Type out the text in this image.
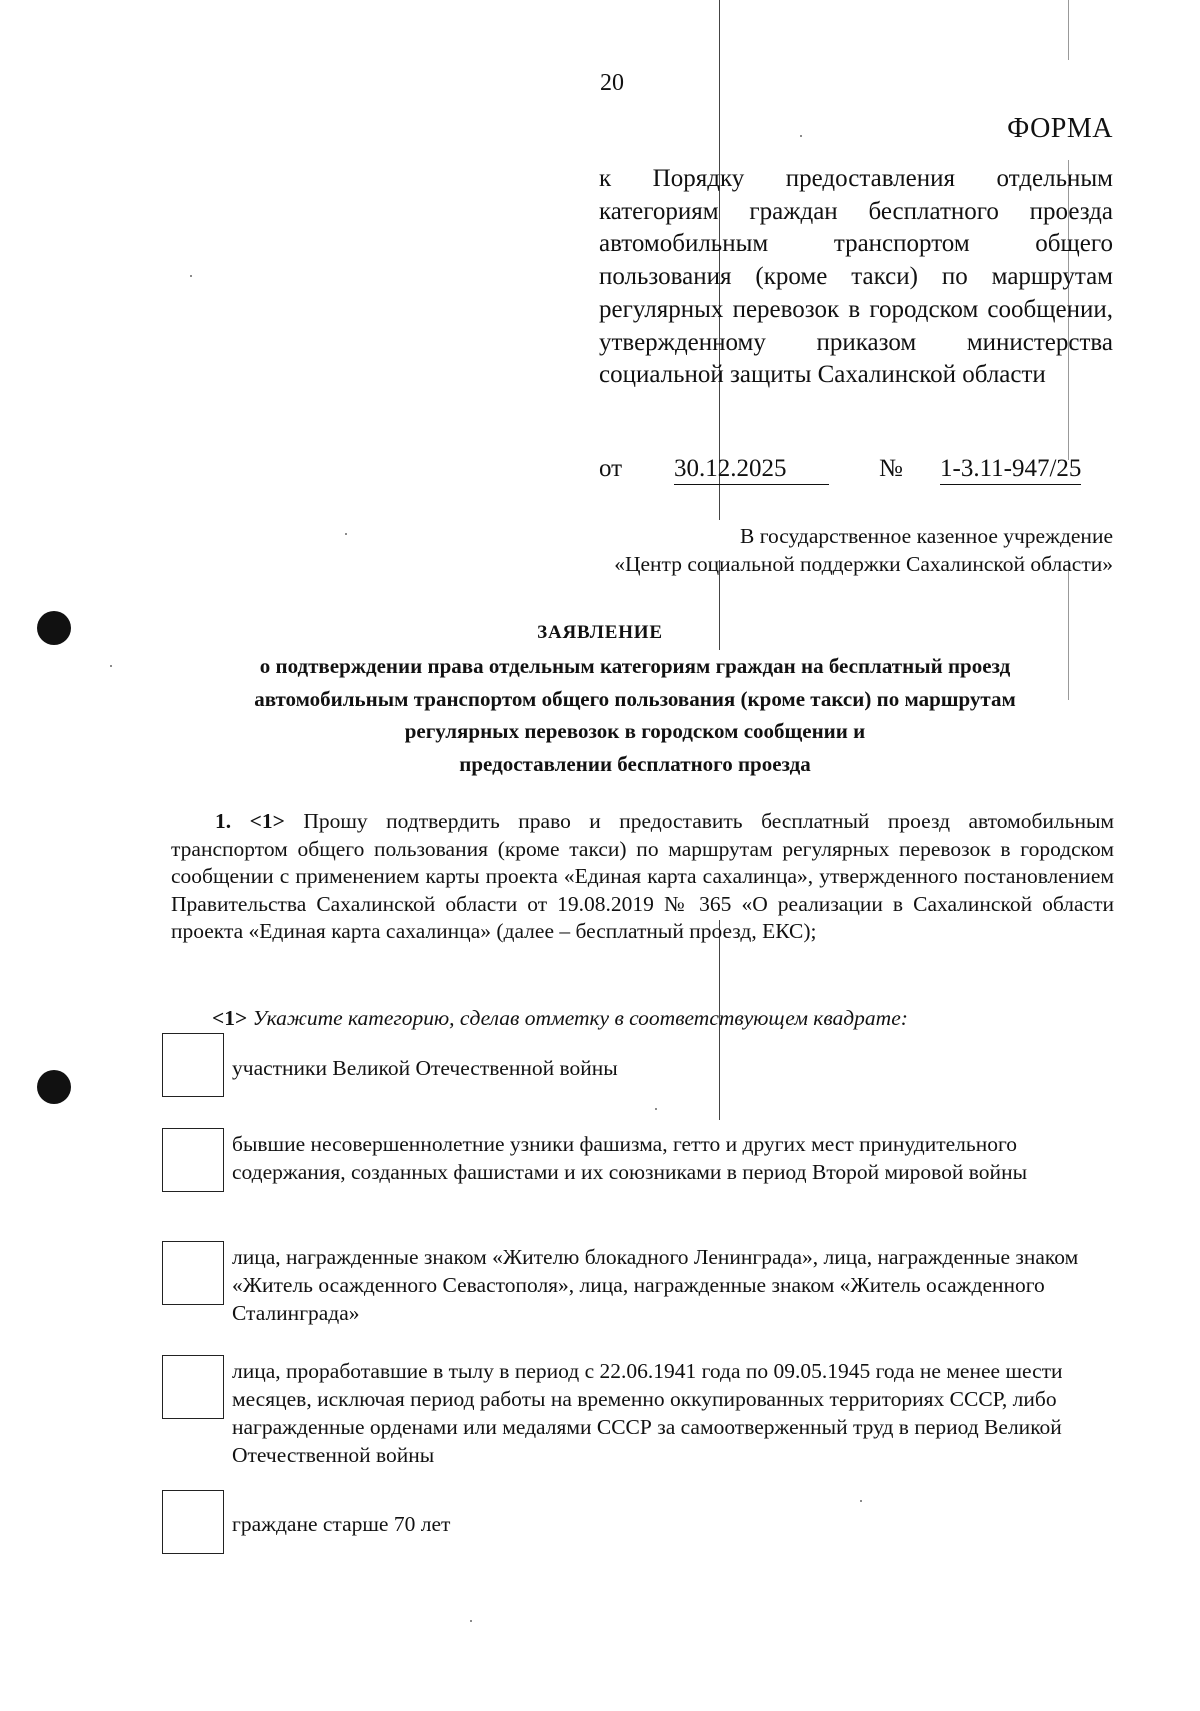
20
ФОРМА
к Порядку предоставления отдельным категориям граждан бесплатного проезда автомобильным транспортом общего пользования (кроме такси) по маршрутам регулярных перевозок в городском сообщении, утвержденному приказом министерства социальной защиты Сахалинской области
от 30.12.2025	№ 1-3.11-947/25
В государственное казенное учреждение
«Центр социальной поддержки Сахалинской области»
ЗАЯВЛЕНИЕ
о подтверждении права отдельным категориям граждан на бесплатный проезд
автомобильным транспортом общего пользования (кроме такси) по маршрутам
регулярных перевозок в городском сообщении и
предоставлении бесплатного проезда
1. <1> Прошу подтвердить право и предоставить бесплатный проезд автомобильным транспортом общего пользования (кроме такси) по маршрутам регулярных перевозок в городском сообщении с применением карты проекта «Единая карта сахалинца», утвержденного постановлением Правительства Сахалинской области от 19.08.2019 № 365 «О реализации в Сахалинской области проекта «Единая карта сахалинца» (далее – бесплатный проезд, ЕКС);
<1> Укажите категорию, сделав отметку в соответствующем квадрате:
участники Великой Отечественной войны
бывшие несовершеннолетние узники фашизма, гетто и других мест принудительного содержания, созданных фашистами и их союзниками в период Второй мировой войны
лица, награжденные знаком «Жителю блокадного Ленинграда», лица, награжденные знаком «Житель осажденного Севастополя», лица, награжденные знаком «Житель осажденного Сталинграда»
лица, проработавшие в тылу в период с 22.06.1941 года по 09.05.1945 года не менее шести месяцев, исключая период работы на временно оккупированных территориях СССР, либо награжденные орденами или медалями СССР за самоотверженный труд в период Великой Отечественной войны
граждане старше 70 лет
